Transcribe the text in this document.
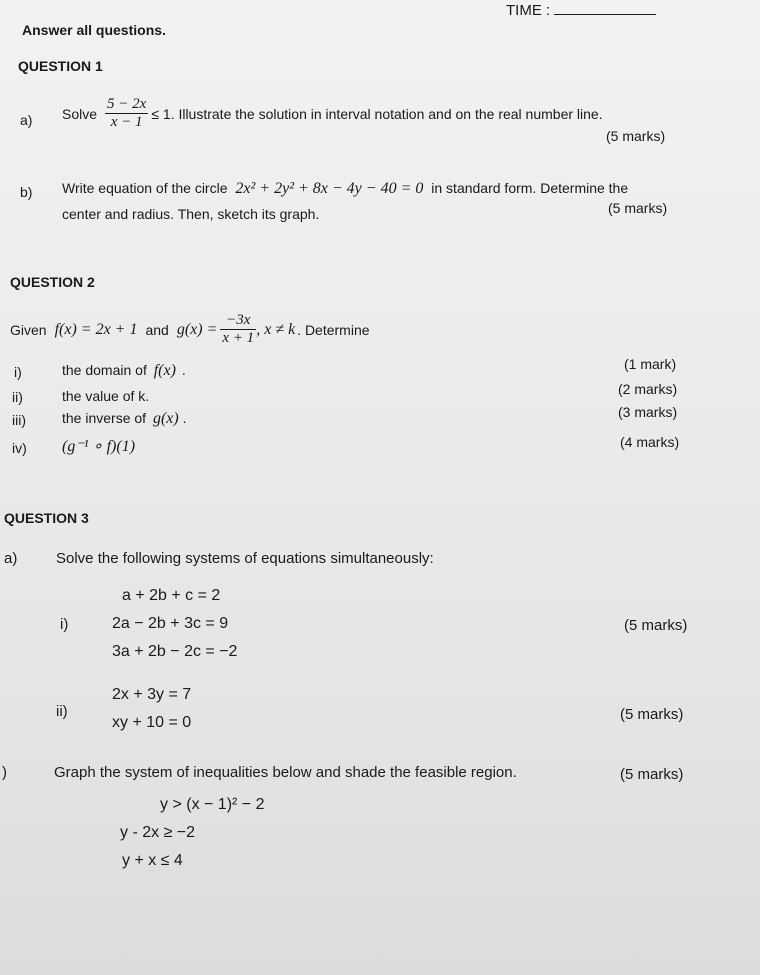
TIME :
Answer all questions.
QUESTION 1
a) Solve $\frac{5 - 2x}{x - 1} \le 1$. Illustrate the solution in interval notation and on the real number line.
(5 marks)
b) Write equation of the circle 2x² + 2y² + 8x − 4y − 40 = 0 in standard form. Determine the
center and radius. Then, sketch its graph.	(5 marks)
QUESTION 2
Given f(x) = 2x + 1 and $g(x) = \frac{-3x}{x + 1}$ , x ≠ k . Determine
i)	the domain of f(x) .	(1 mark)
ii)	the value of k.	(2 marks)
iii)	the inverse of g(x) .	(3 marks)
iv) (g⁻¹ ∘ f)(1)	(4 marks)
QUESTION 3
a)	Solve the following systems of equations simultaneously:
a + 2b + c = 2
i)	2a − 2b + 3c = 9
3a + 2b − 2c = −2
(5 marks)
2x + 3y = 7
ii)
xy + 10 = 0	(5 marks)
)	Graph the system of inequalities below and shade the feasible region.	(5 marks)
y > (x − 1)² − 2
y - 2x ≥ −2
y + x ≤ 4
